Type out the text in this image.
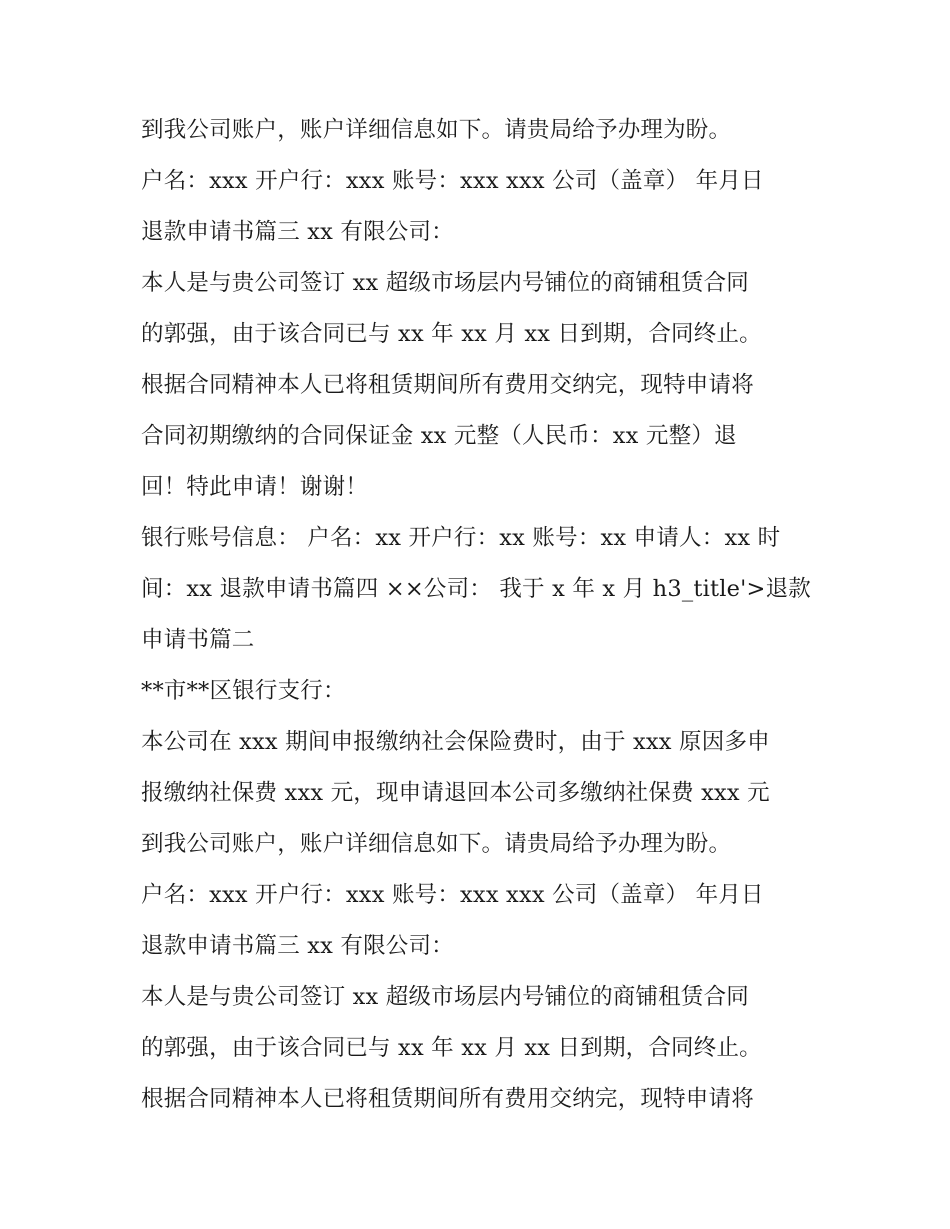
到我公司账户，账户详细信息如下。请贵局给予办理为盼。
户名：xxx 开户行：xxx 账号：xxx xxx 公司（盖章） 年月日
退款申请书篇三 xx 有限公司：
本人是与贵公司签订 xx 超级市场层内号铺位的商铺租赁合同
的郭强，由于该合同已与 xx 年 xx 月 xx 日到期，合同终止。
根据合同精神本人已将租赁期间所有费用交纳完，现特申请将
合同初期缴纳的合同保证金 xx 元整（人民币：xx 元整）退
回！特此申请！谢谢！
银行账号信息： 户名：xx 开户行：xx 账号：xx 申请人：xx 时
间：xx 退款申请书篇四 ××公司： 我于 x 年 x 月 h3_title'>退款
申请书篇二
**市**区银行支行：
本公司在 xxx 期间申报缴纳社会保险费时，由于 xxx 原因多申
报缴纳社保费 xxx 元，现申请退回本公司多缴纳社保费 xxx 元
到我公司账户，账户详细信息如下。请贵局给予办理为盼。
户名：xxx 开户行：xxx 账号：xxx xxx 公司（盖章） 年月日
退款申请书篇三 xx 有限公司：
本人是与贵公司签订 xx 超级市场层内号铺位的商铺租赁合同
的郭强，由于该合同已与 xx 年 xx 月 xx 日到期，合同终止。
根据合同精神本人已将租赁期间所有费用交纳完，现特申请将
